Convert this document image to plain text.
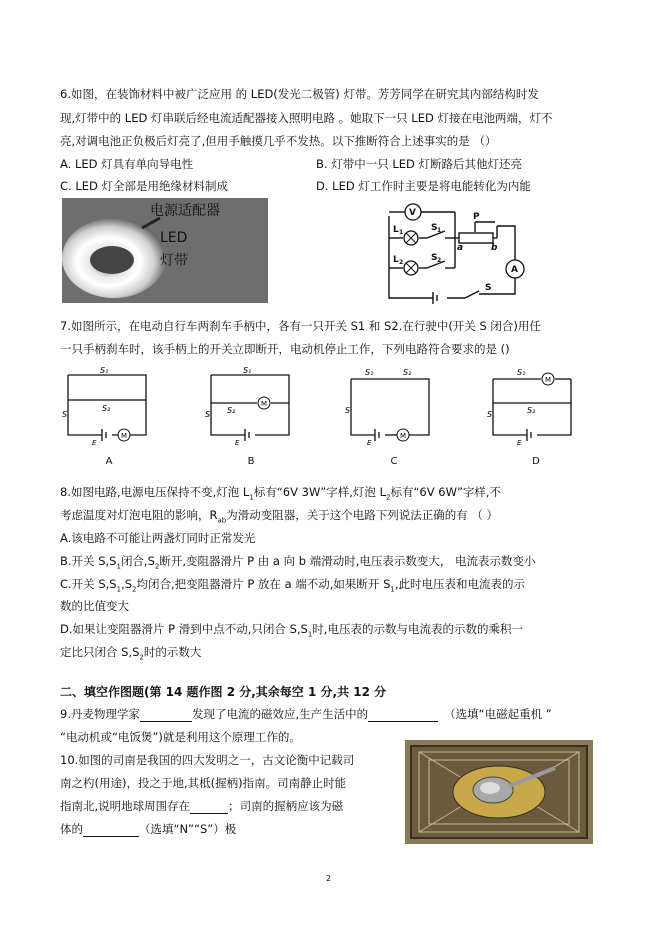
6.如图，在装饰材料中被广泛应用 的 LED(发光二极管) 灯带。芳芳同学在研究其内部结构时发
现,灯带中的 LED 灯串联后经电流适配器接入照明电路 。她取下一只 LED 灯接在电池两端，灯不
亮,对调电池正负极后灯亮了,但用手触摸几乎不发热。以下推断符合上述事实的是 （）
A. LED 灯具有单向导电性	B. 灯带中一只 LED 灯断路后其他灯还亮
C. LED 灯全部是用绝缘材料制成	D. LED 灯工作时主要是将电能转化为内能
电源适配器
LED
灯带
V
A
L 1
L 2
S 1
S 2
P
a	b
S
7.如图所示，在电动自行车两刹车手柄中，各有一只开关 S1 和 S2.在行驶中(开关 S 闭合)用任
一只手柄刹车时，该手柄上的开关立即断开，电动机停止工作，下列电路符合要求的是 ()
M
S₁
S₂
S
E
M
S₁
S₂
S
E
M
S₁	S₂
S
E
M
S₁
S₂
S
E
A	B	C	D
8.如图电路,电源电压保持不变,灯泡 $L_1$标有“6V 3W”字样,灯泡 $L_2$标有“6V 6W”字样,不
考虑温度对灯泡电阻的影响，$R_{ab}$为滑动变阻器，关于这个电路下列说法正确的有 （ ）
A.该电路不可能让两盏灯同时正常发光
B.开关 $S,S_1$闭合$,S_2$断开,变阻器滑片 P 由 a 向 b 端滑动时,电压表示数变大， 电流表示数变小
C.开关 $S,S_1,S_2$均闭合,把变阻器滑片 P 放在 a 端不动,如果断开 $S_1$,此时电压表和电流表的示
数的比值变大
D.如果让变阻器滑片 P 滑到中点不动,只闭合 $S,S_1$时,电压表的示数与电流表的示数的乘积一
定比只闭合 $S,S_2$时的示数大
二、填空作图题(第 14 题作图 2 分,其余每空 1 分,共 12 分
9.丹麦物理学家	发现了电流的磁效应,生产生活中的	（选填“电磁起重机 ”
“电动机或“电饭煲”)就是利用这个原理工作的。
10.如图的司南是我国的四大发明之一，古文论衡中记载司
南之杓(用途)，投之于地,其柢(握柄)指南。司南静止时能
指南北,说明地球周围存在	；司南的握柄应该为磁
体的	（选填“N”“S”）极
2
